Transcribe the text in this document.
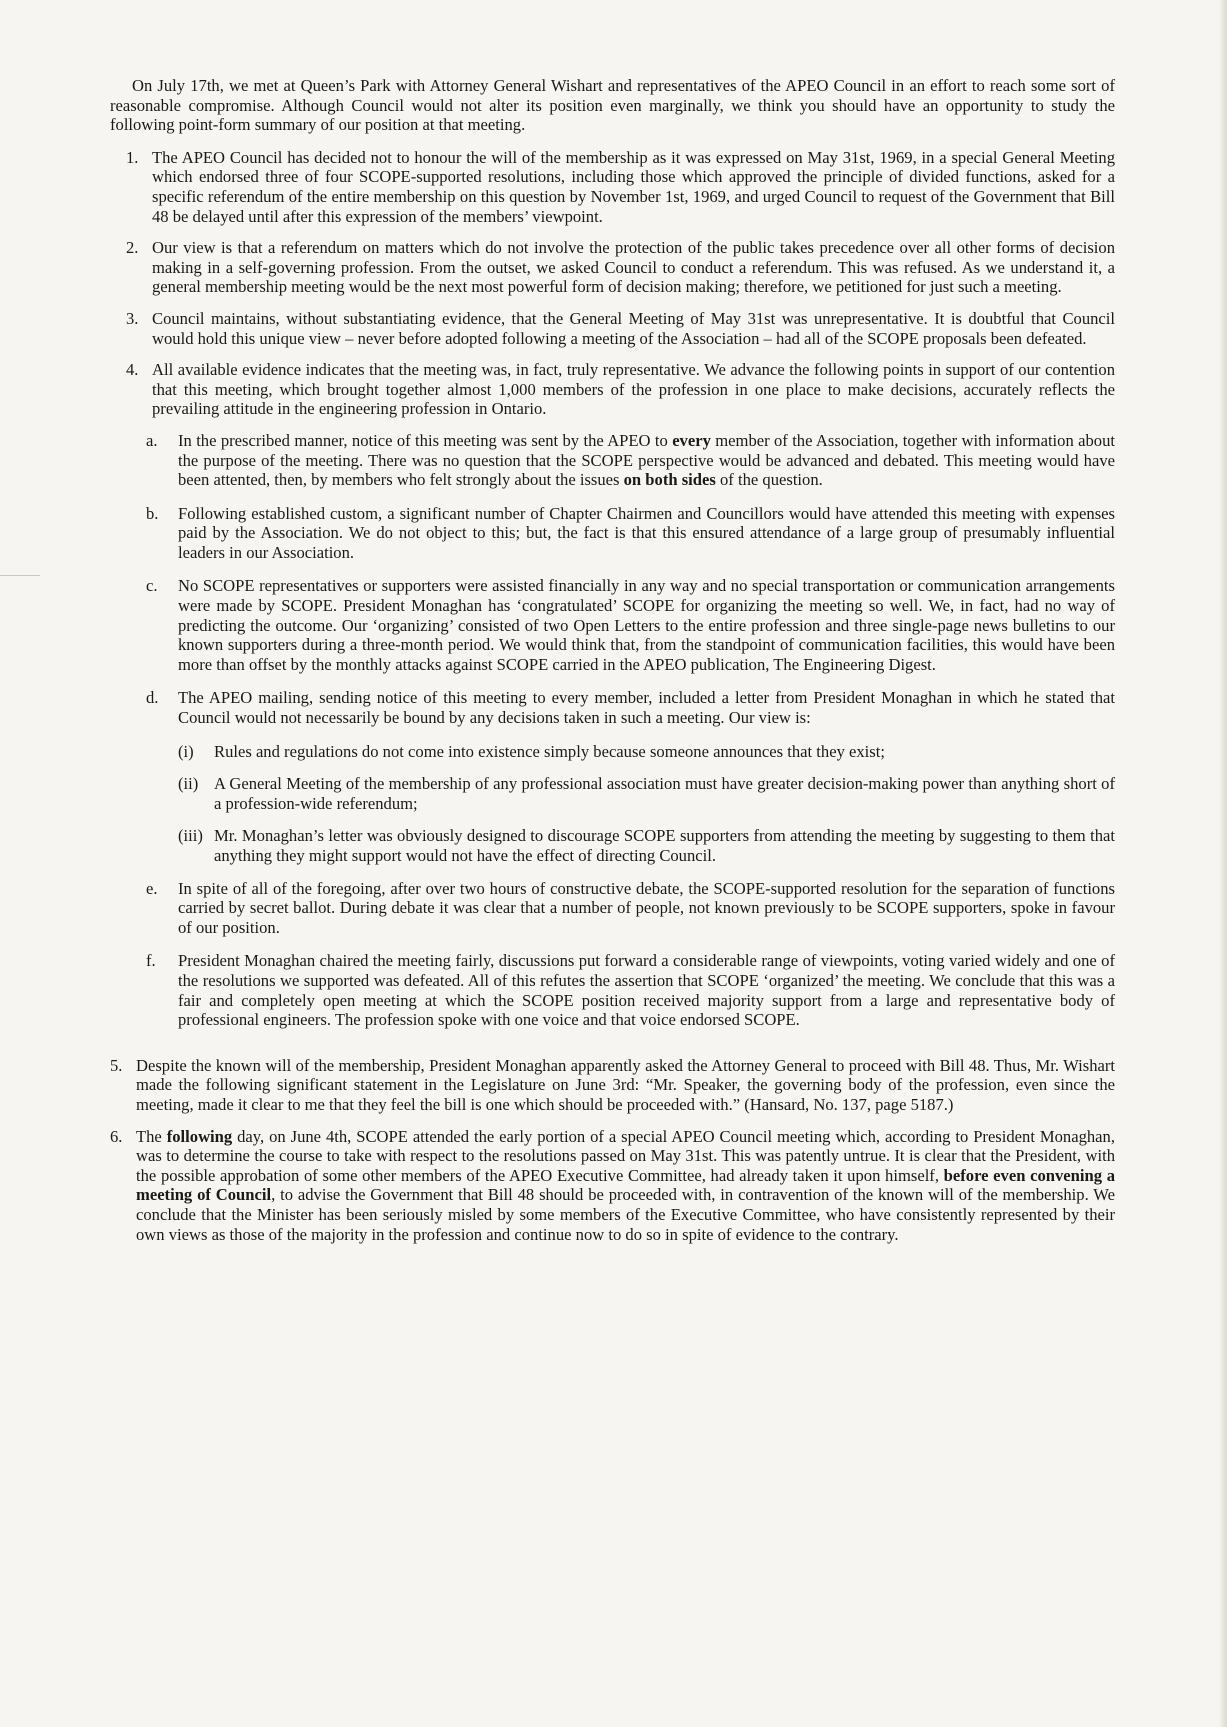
On July 17th, we met at Queen’s Park with Attorney General Wishart and representatives of the APEO Council in an effort to reach some sort of reasonable compromise. Although Council would not alter its position even marginally, we think you should have an opportunity to study the following point-form summary of our position at that meeting.

1. The APEO Council has decided not to honour the will of the membership as it was expressed on May 31st, 1969, in a special General Meeting which endorsed three of four SCOPE-supported resolutions, including those which approved the principle of divided functions, asked for a specific referendum of the entire membership on this question by November 1st, 1969, and urged Council to request of the Government that Bill 48 be delayed until after this expression of the members’ viewpoint.

2. Our view is that a referendum on matters which do not involve the protection of the public takes precedence over all other forms of decision making in a self-governing profession. From the outset, we asked Council to conduct a referendum. This was refused. As we understand it, a general membership meeting would be the next most powerful form of decision making; therefore, we petitioned for just such a meeting.

3. Council maintains, without substantiating evidence, that the General Meeting of May 31st was unrepresentative. It is doubtful that Council would hold this unique view – never before adopted following a meeting of the Association – had all of the SCOPE proposals been defeated.

4. All available evidence indicates that the meeting was, in fact, truly representative. We advance the following points in support of our contention that this meeting, which brought together almost 1,000 members of the profession in one place to make decisions, accurately reflects the prevailing attitude in the engineering profession in Ontario.

a.	In the prescribed manner, notice of this meeting was sent by the APEO to every member of the Association, together with information about the purpose of the meeting. There was no question that the SCOPE perspective would be advanced and debated. This meeting would have been attented, then, by members who felt strongly about the issues on both sides of the question.

b.	Following established custom, a significant number of Chapter Chairmen and Councillors would have attended this meeting with expenses paid by the Association. We do not object to this; but, the fact is that this ensured attendance of a large group of presumably influential leaders in our Association.

c.	No SCOPE representatives or supporters were assisted financially in any way and no special transportation or communication arrangements were made by SCOPE. President Monaghan has ‘congratulated’ SCOPE for organizing the meeting so well. We, in fact, had no way of predicting the outcome. Our ‘organizing’ consisted of two Open Letters to the entire profession and three single-page news bulletins to our known supporters during a three-month period. We would think that, from the standpoint of communication facilities, this would have been more than offset by the monthly attacks against SCOPE carried in the APEO publication, The Engineering Digest.

d.	The APEO mailing, sending notice of this meeting to every member, included a letter from President Monaghan in which he stated that Council would not necessarily be bound by any decisions taken in such a meeting. Our view is:

(i)	Rules and regulations do not come into existence simply because someone announces that they exist;

(ii) A General Meeting of the membership of any professional association must have greater decision-making power than anything short of a profession-wide referendum;

(iii) Mr. Monaghan’s letter was obviously designed to discourage SCOPE supporters from attending the meeting by suggesting to them that anything they might support would not have the effect of directing Council.

e.	In spite of all of the foregoing, after over two hours of constructive debate, the SCOPE-supported resolution for the separation of functions carried by secret ballot. During debate it was clear that a number of people, not known previously to be SCOPE supporters, spoke in favour of our position.

f.	President Monaghan chaired the meeting fairly, discussions put forward a considerable range of viewpoints, voting varied widely and one of the resolutions we supported was defeated. All of this refutes the assertion that SCOPE ‘organized’ the meeting. We conclude that this was a fair and completely open meeting at which the SCOPE position received majority support from a large and representative body of professional engineers. The profession spoke with one voice and that voice endorsed SCOPE.

5. Despite the known will of the membership, President Monaghan apparently asked the Attorney General to proceed with Bill 48. Thus, Mr. Wishart made the following significant statement in the Legislature on June 3rd: “Mr. Speaker, the governing body of the profession, even since the meeting, made it clear to me that they feel the bill is one which should be proceeded with.” (Hansard, No. 137, page 5187.)

6. The following day, on June 4th, SCOPE attended the early portion of a special APEO Council meeting which, according to President Monaghan, was to determine the course to take with respect to the resolutions passed on May 31st. This was patently untrue. It is clear that the President, with the possible approbation of some other members of the APEO Executive Committee, had already taken it upon himself, before even convening a meeting of Council, to advise the Government that Bill 48 should be proceeded with, in contravention of the known will of the membership. We conclude that the Minister has been seriously misled by some members of the Executive Committee, who have consistently represented by their own views as those of the majority in the profession and continue now to do so in spite of evidence to the contrary.
